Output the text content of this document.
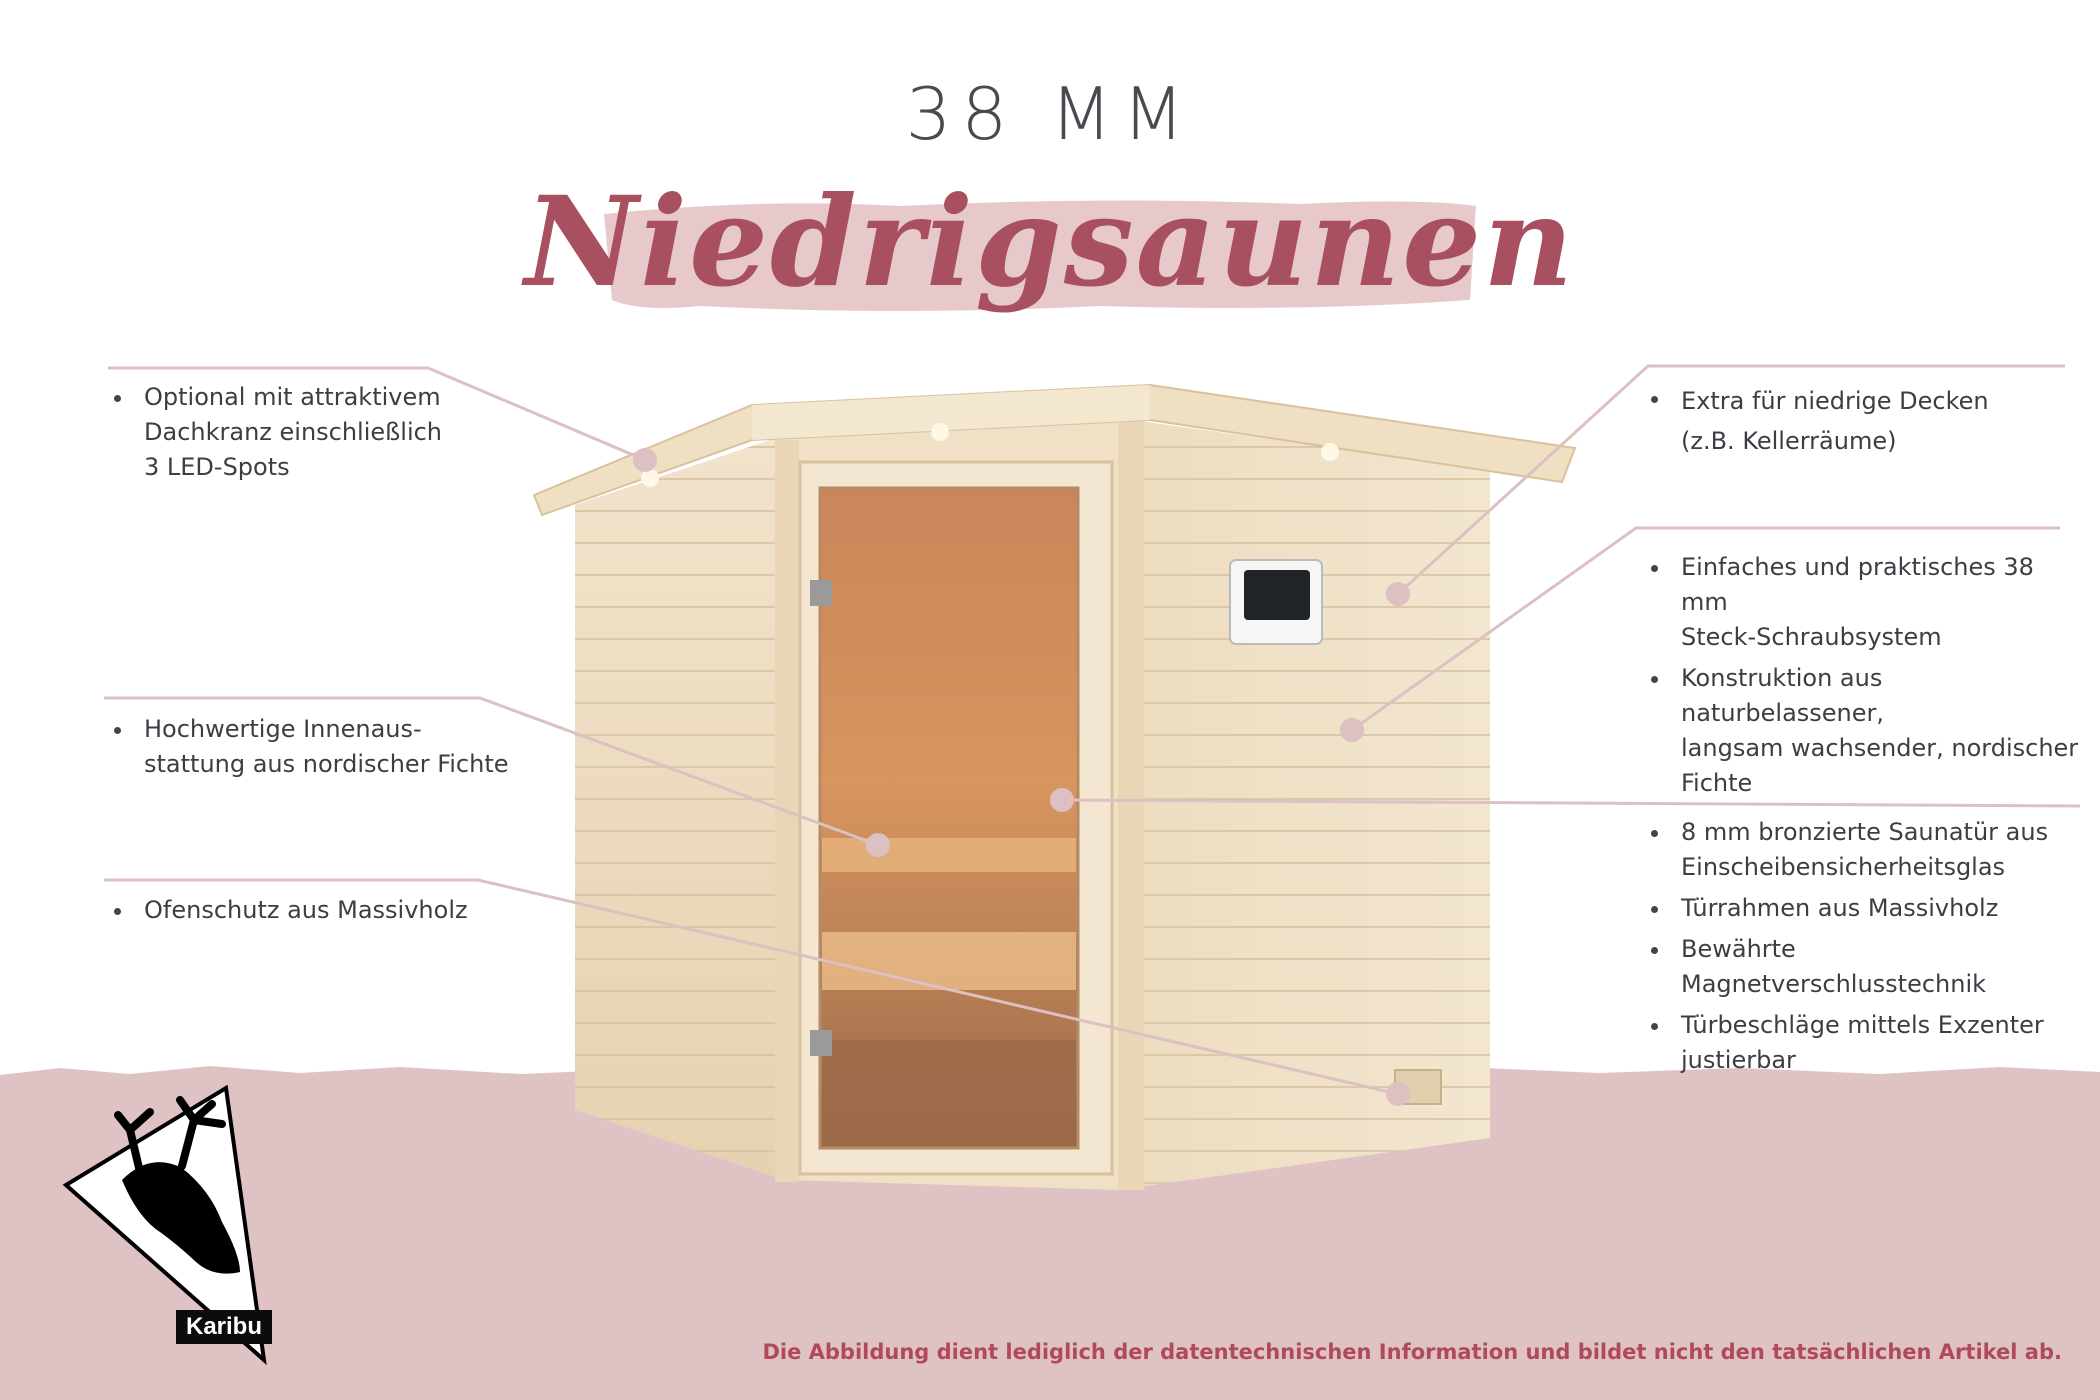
38 MM
Niedrigsaunen
Optional mit attraktivem
Dachkranz einschließlich
3 LED-Spots
Hochwertige Innenaus-
stattung aus nordischer Fichte
Ofenschutz aus Massivholz
Extra für niedrige Decken
(z.B. Kellerräume)
Einfaches und praktisches 38 mm
Steck-Schraubsystem
Konstruktion aus naturbelassener,
langsam wachsender, nordischer
Fichte
8 mm bronzierte Saunatür aus
Einscheibensicherheitsglas
Türrahmen aus Massivholz
Bewährte Magnetverschlusstechnik
Türbeschläge mittels Exzenter
justierbar
Karibu
Die Abbildung dient lediglich der datentechnischen Information und bildet nicht den tatsächlichen Artikel ab.
